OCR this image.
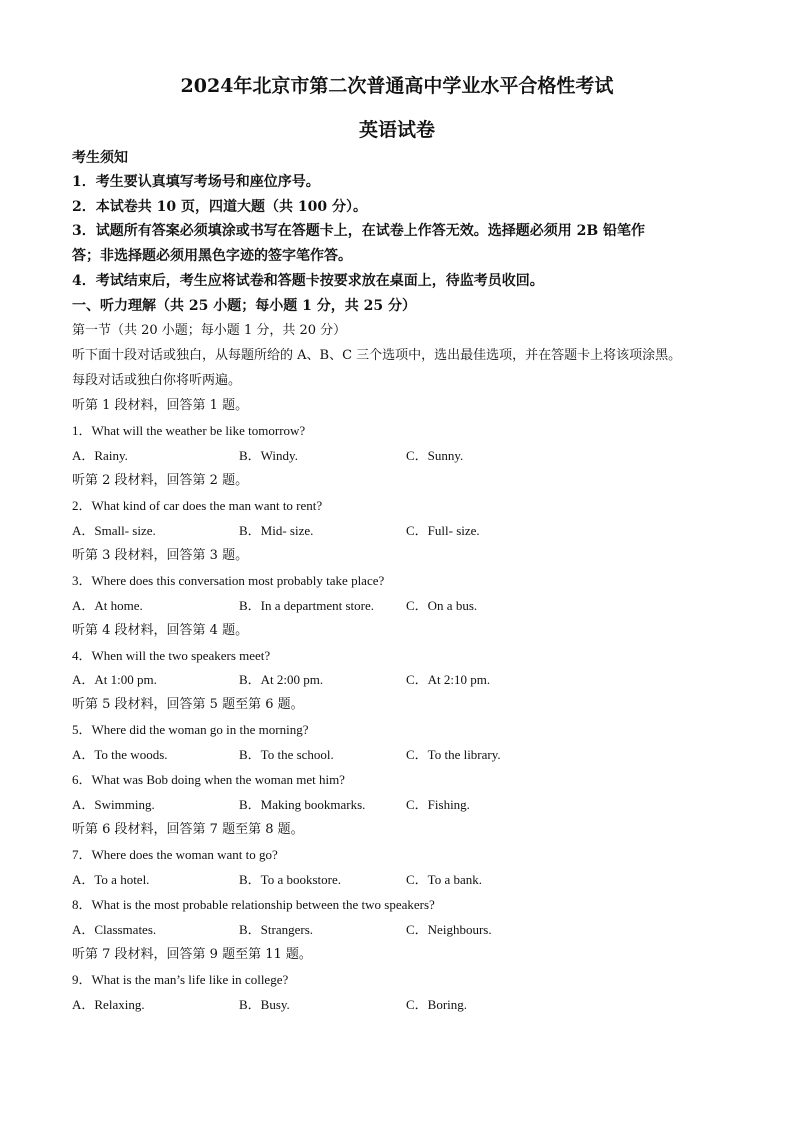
2024年北京市第二次普通高中学业水平合格性考试
英语试卷
考生须知
1．考生要认真填写考场号和座位序号。
2．本试卷共 10 页，四道大题（共 100 分）。
3．试题所有答案必须填涂或书写在答题卡上，在试卷上作答无效。选择题必须用 2B 铅笔作
答；非选择题必须用黑色字迹的签字笔作答。
4．考试结束后，考生应将试卷和答题卡按要求放在桌面上，待监考员收回。
一、听力理解（共 25 小题；每小题 1 分，共 25 分）
第一节（共 20 小题；每小题 1 分，共 20 分）
听下面十段对话或独白，从每题所给的 A、B、C 三个选项中，选出最佳选项，并在答题卡上将该项涂黑。
每段对话或独白你将听两遍。
听第 1 段材料，回答第 1 题。
1．What will the weather be like tomorrow?
A．Rainy.	B．Windy.	C．Sunny.
听第 2 段材料，回答第 2 题。
2．What kind of car does the man want to rent?
A．Small- size.	B．Mid- size.	C．Full- size.
听第 3 段材料，回答第 3 题。
3．Where does this conversation most probably take place?
A．At home.	B．In a department store. C．On a bus.
听第 4 段材料，回答第 4 题。
4．When will the two speakers meet?
A．At 1:00 pm.	B．At 2:00 pm.	C．At 2:10 pm.
听第 5 段材料，回答第 5 题至第 6 题。
5．Where did the woman go in the morning?
A．To the woods.	B．To the school.	C．To the library.
6．What was Bob doing when the woman met him?
A．Swimming.	B．Making bookmarks.	C．Fishing.
听第 6 段材料，回答第 7 题至第 8 题。
7．Where does the woman want to go?
A．To a hotel.	B．To a bookstore.	C．To a bank.
8．What is the most probable relationship between the two speakers?
A．Classmates.	B．Strangers.	C．Neighbours.
听第 7 段材料，回答第 9 题至第 11 题。
9．What is the man’s life like in college?
A．Relaxing.	B．Busy.	C．Boring.
